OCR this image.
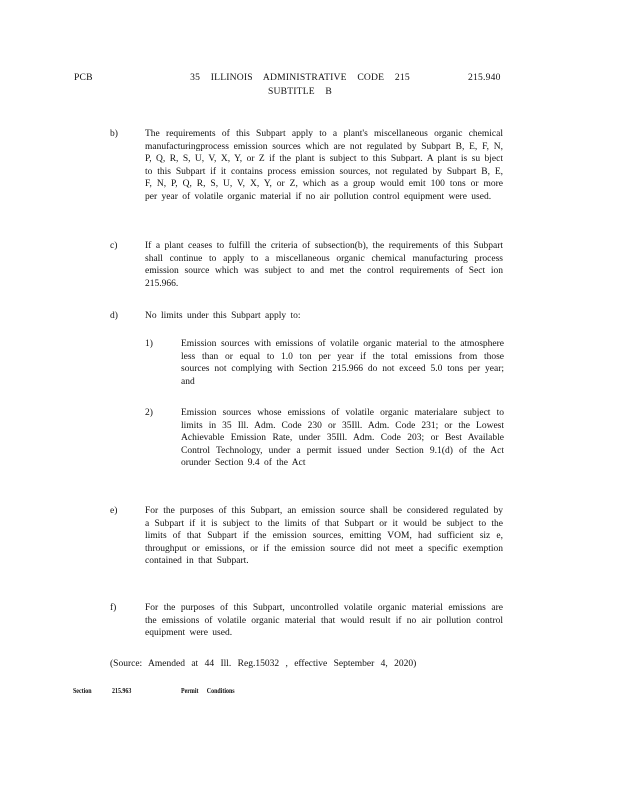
PCB	35 ILLINOIS ADMINISTRATIVE CODE 215
SUBTITLE B
215.940
b)	The requirements of this Subpart apply to a plant's miscellaneous organic chemical manufacturingprocess emission sources which are not regulated by Subpart B, E, F, N, P, Q, R, S, U, V, X, Y, or Z if the plant is subject to this Subpart. A plant is su bject to this Subpart if it contains process emission sources, not regulated by Subpart B, E, F, N, P, Q, R, S, U, V, X, Y, or Z, which as a group would emit 100 tons or more per year of volatile organic material if no air pollution control equipment were used.
c)	If a plant ceases to fulfill the criteria of subsection(b), the requirements of this Subpart shall continue to apply to a miscellaneous organic chemical manufacturing process emission source which was subject to and met the control requirements of Sect ion 215.966.
d)	No limits under this Subpart apply to:
1)	Emission sources with emissions of volatile organic material to the atmosphere less than or equal to 1.0 ton per year if the total emissions from those sources not complying with Section 215.966 do not exceed 5.0 tons per year; and
2)	Emission sources whose emissions of volatile organic materialare subject to limits in 35 Ill. Adm. Code 230 or 35Ill. Adm. Code 231; or the Lowest Achievable Emission Rate, under 35Ill. Adm. Code 203; or Best Available Control Technology, under a permit issued under Section 9.1(d) of the Act orunder Section 9.4 of the Act
e)	For the purposes of this Subpart, an emission source shall be considered regulated by a Subpart if it is subject to the limits of that Subpart or it would be subject to the limits of that Subpart if the emission sources, emitting VOM, had sufficient siz e, throughput or emissions, or if the emission source did not meet a specific exemption contained in that Subpart.
f)	For the purposes of this Subpart, uncontrolled volatile organic material emissions are the emissions of volatile organic material that would result if no air pollution control equipment were used.
(Source: Amended at 44 Ill. Reg.15032 , effective September 4, 2020)
Section	215.963	Permit Conditions
